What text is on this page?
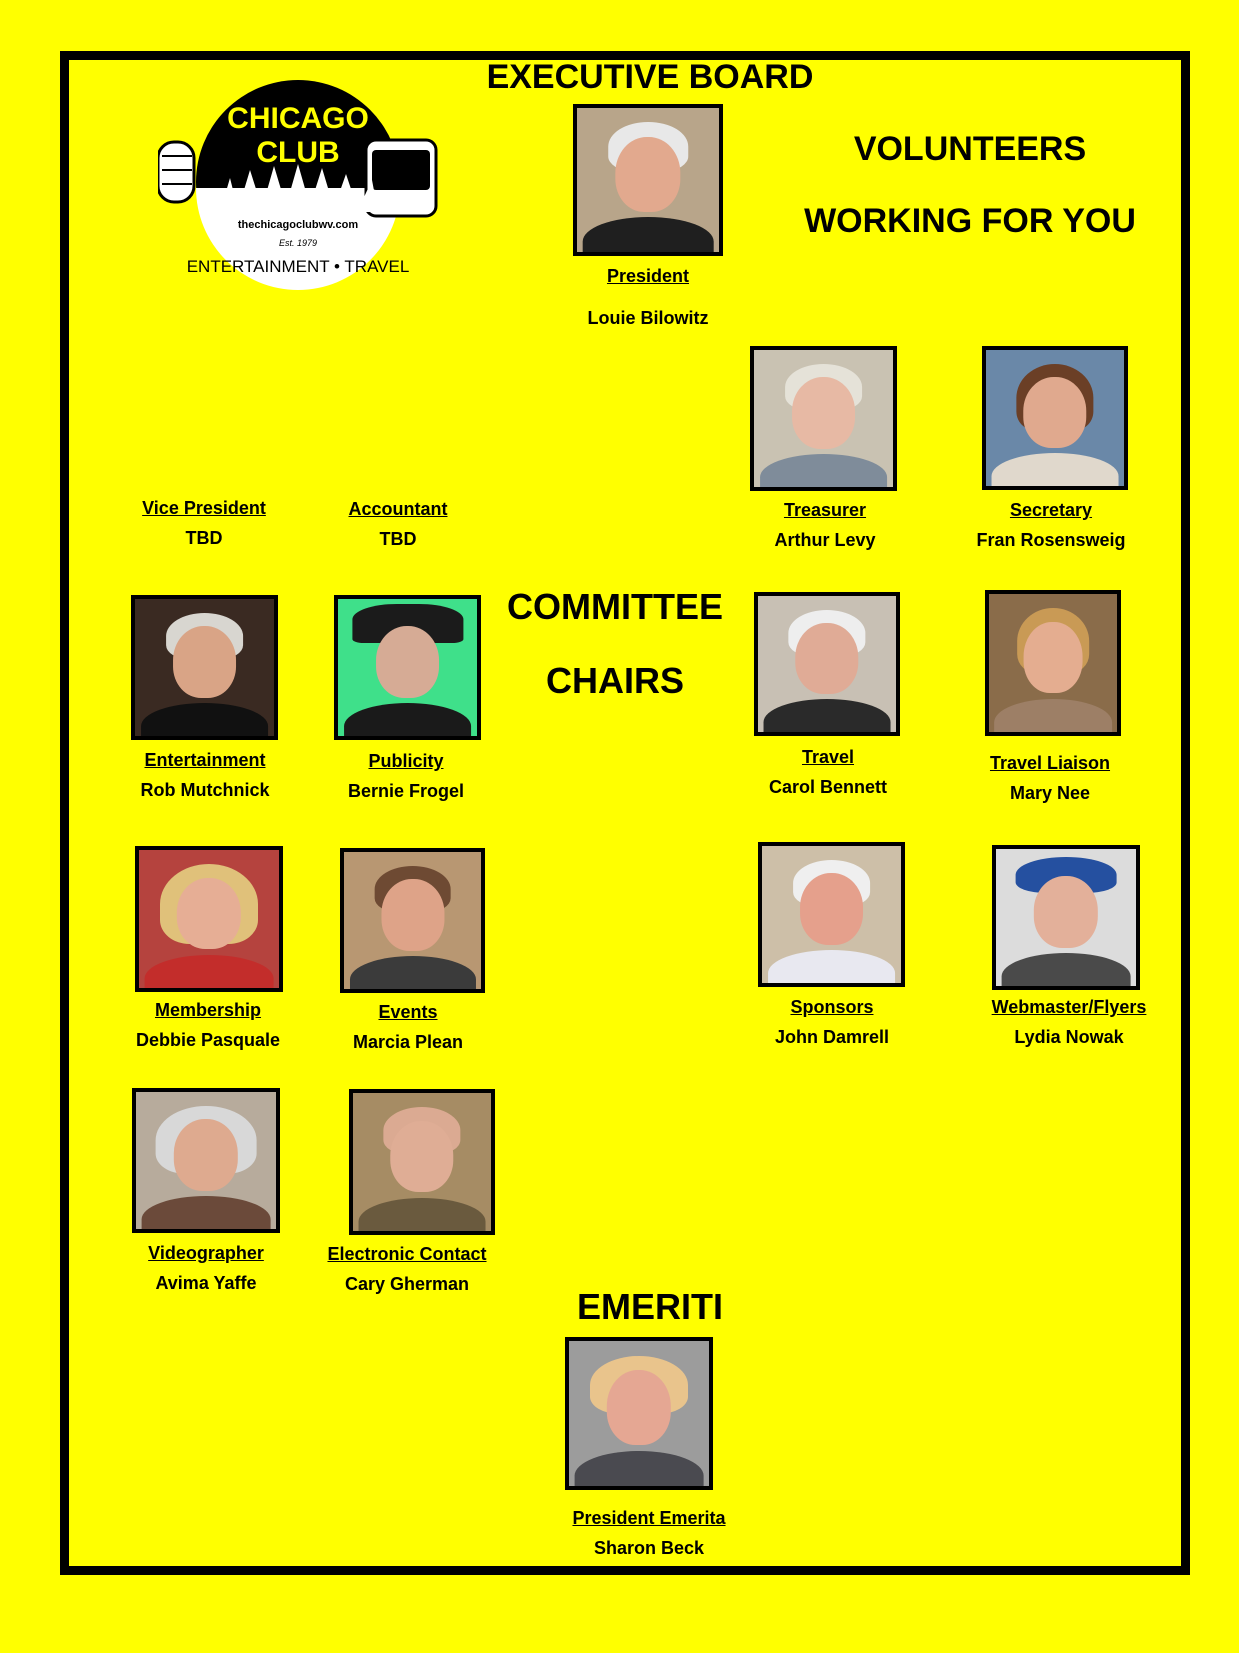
CHICAGO
CLUB
thechicagoclubwv.com
Est. 1979
ENTERTAINMENT • TRAVEL
EXECUTIVE BOARD
VOLUNTEERS
WORKING FOR YOU
COMMITTEE
CHAIRS
EMERITI
President
Louie Bilowitz
Treasurer
Arthur Levy
Secretary
Fran Rosensweig
Vice President
TBD
Accountant
TBD
Entertainment
Rob Mutchnick
Publicity
Bernie Frogel
Travel
Carol Bennett
Travel Liaison
Mary Nee
Membership
Debbie Pasquale
Events
Marcia Plean
Sponsors
John Damrell
Webmaster/Flyers
Lydia Nowak
Videographer
Avima Yaffe
Electronic Contact
Cary Gherman
President Emerita
Sharon Beck
